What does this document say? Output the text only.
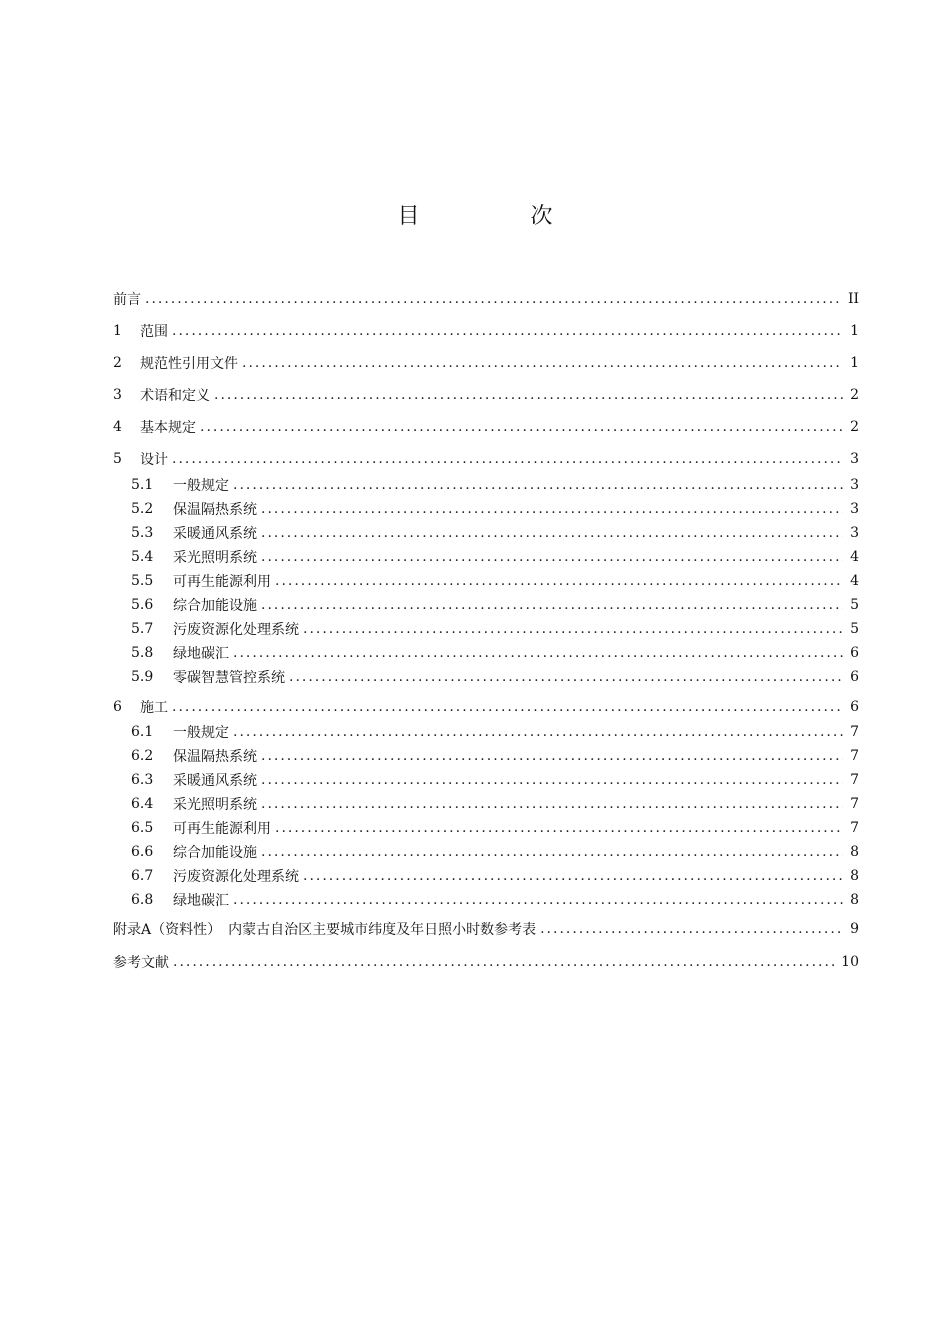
目 次
前言 .....	II
1	范围 .....	1
2	规范性引用文件 .....	1
3	术语和定义 .....	2
4	基本规定 .....	2
5	设计 .....	3
5.1	一般规定 .....	3
5.2	保温隔热系统 .....	3
5.3	采暖通风系统 .....	3
5.4	采光照明系统 .....	4
5.5	可再生能源利用 .....	4
5.6	综合加能设施 .....	5
5.7	污废资源化处理系统 .....	5
5.8	绿地碳汇 .....	6
5.9	零碳智慧管控系统 .....	6
6	施工 .....	6
6.1	一般规定 .....	7
6.2	保温隔热系统 .....	7
6.3	采暖通风系统 .....	7
6.4	采光照明系统 .....	7
6.5	可再生能源利用 .....	7
6.6	综合加能设施 .....	8
6.7	污废资源化处理系统 .....	8
6.8	绿地碳汇 .....	8
附录A（资料性）　内蒙古自治区主要城市纬度及年日照小时数参考表 .....	9
参考文献 .....	10
